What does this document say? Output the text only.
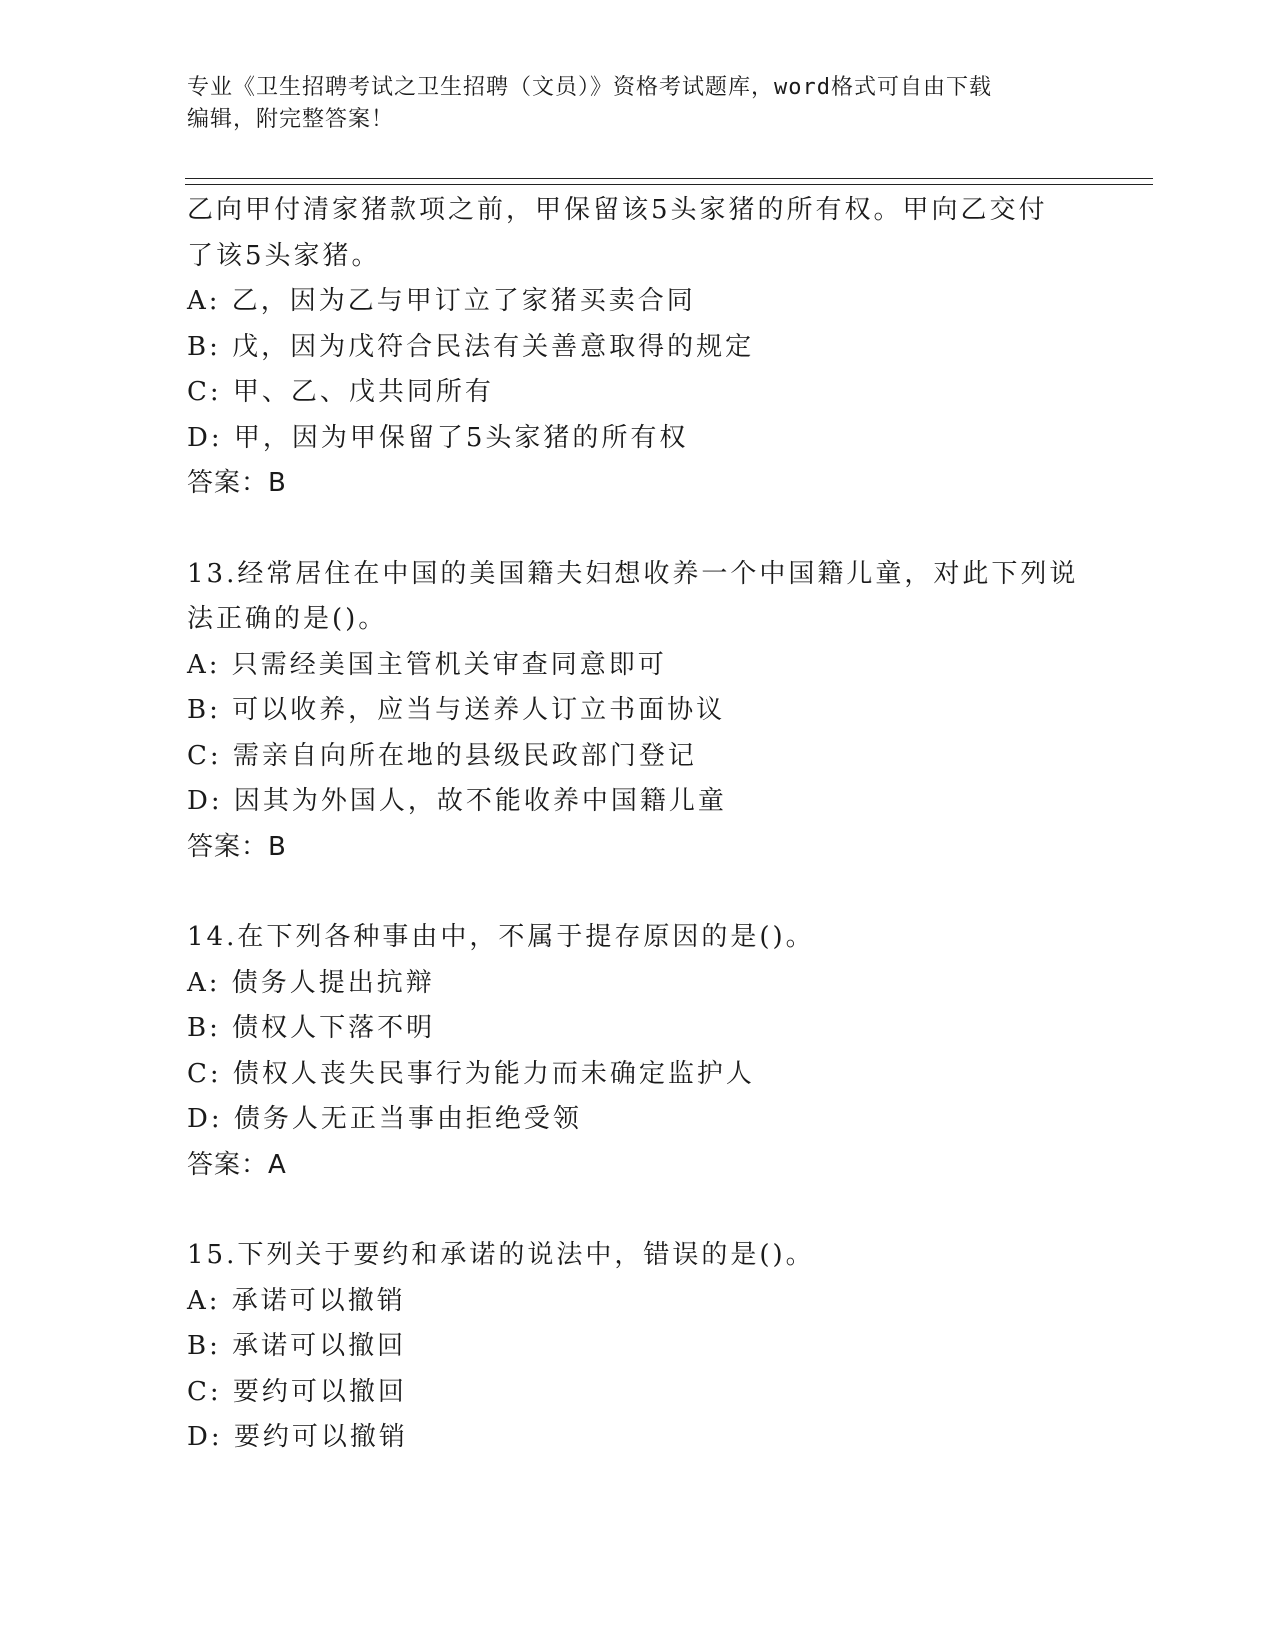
专业《卫生招聘考试之卫生招聘（文员）》资格考试题库，word格式可自由下载
编辑，附完整答案！
乙向甲付清家猪款项之前，甲保留该5头家猪的所有权。甲向乙交付
了该5头家猪。
A: 乙，因为乙与甲订立了家猪买卖合同
B: 戊，因为戊符合民法有关善意取得的规定
C: 甲、乙、戊共同所有
D: 甲，因为甲保留了5头家猪的所有权
答案：B
13.经常居住在中国的美国籍夫妇想收养一个中国籍儿童，对此下列说
法正确的是()。
A: 只需经美国主管机关审查同意即可
B: 可以收养，应当与送养人订立书面协议
C: 需亲自向所在地的县级民政部门登记
D: 因其为外国人，故不能收养中国籍儿童
答案：B
14.在下列各种事由中，不属于提存原因的是()。
A: 债务人提出抗辩
B: 债权人下落不明
C: 债权人丧失民事行为能力而未确定监护人
D: 债务人无正当事由拒绝受领
答案：A
15.下列关于要约和承诺的说法中，错误的是()。
A: 承诺可以撤销
B: 承诺可以撤回
C: 要约可以撤回
D: 要约可以撤销
